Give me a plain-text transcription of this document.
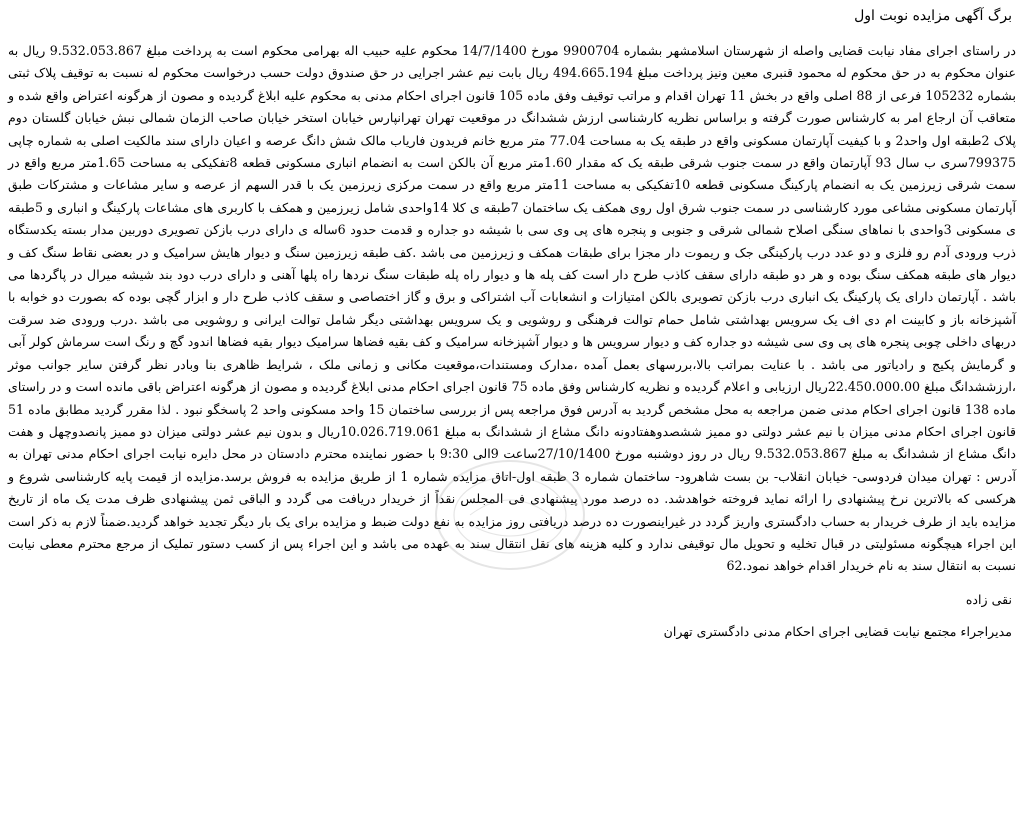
برگ آگهی مزایده نوبت اول

در راستای اجرای مفاد نیابت قضایی واصله از شهرستان اسلامشهر بشماره 9900704 مورخ 14/7/1400 محکوم علیه حبیب اله بهرامی محکوم است به پرداخت مبلغ 9.532.053.867 ریال به عنوان محکوم به در حق محکوم له محمود قنبری معین ونیز پرداخت مبلغ 494.665.194 ریال بابت نیم عشر اجرایی در حق صندوق دولت حسب درخواست محکوم له نسبت به توقیف پلاک ثبتی بشماره 105232 فرعی از 88 اصلی واقع در بخش 11 تهران اقدام و مراتب توقیف وفق ماده 105 قانون اجرای احکام مدنی به محکوم علیه ابلاغ گردیده و مصون از هرگونه اعتراض واقع شده و متعاقب آن ارجاع امر به کارشناس صورت گرفته و براساس نظریه کارشناسی ارزش ششدانگ در موقعیت تهران تهرانپارس خیابان استخر خیابان صاحب الزمان شمالی نبش خیابان گلستان دوم پلاک 2طبقه اول واحد2 و با کیفیت آپارتمان مسکونی واقع در طبقه یک به مساحت 77.04 متر مربع خانم فریدون فاریاب مالک شش دانگ عرصه و اعیان دارای سند مالکیت اصلی به شماره چاپی 799375سری ب سال 93 آپارتمان واقع در سمت جنوب شرقی طبقه یک که مقدار 1.60متر مربع آن بالکن است به انضمام انباری مسکونی قطعه 8تفکیکی به مساحت 1.65متر مربع واقع در سمت شرقی زیرزمین یک به انضمام پارکینگ مسکونی قطعه 10تفکیکی به مساحت 11متر مربع واقع در سمت مرکزی زیرزمین یک با قدر السهم از عرصه و سایر مشاعات و مشترکات طبق آپارتمان مسکونی مشاعی مورد کارشناسی در سمت جنوب شرق اول روی همکف یک ساختمان 7طبقه ی کلا 14واحدی شامل زیرزمین و همکف با کاربری های مشاعات پارکینگ و انباری و 5طبقه ی مسکونی 3واحدی با نماهای سنگی اصلاح شمالی شرقی و جنوبی و پنجره های پی وی سی با شیشه دو جداره و قدمت حدود 6ساله ی دارای درب بازکن تصویری دوربین مدار بسته یکدستگاه ذرب ورودی آدم رو فلزی و دو عدد درب پارکینگی جک و ریموت دار مجزا برای طبقات همکف و زیرزمین می باشد .کف طبقه زیرزمین سنگ و دیوار هایش سرامیک و در بعضی نقاط سنگ کف و دیوار های طبقه همکف سنگ بوده و هر دو طبقه دارای سقف کاذب طرح دار است کف پله ها و دیوار راه پله طبقات سنگ نردها راه پلها آهنی و دارای درب دود بند شیشه میرال در پاگردها می باشد . آپارتمان دارای یک پارکینگ یک انباری درب بازکن تصویری بالکن امتیازات و انشعابات آب اشتراکی و برق و گاز اختصاصی و سقف کاذب طرح دار و ابزار گچی بوده که بصورت دو خوابه با آشپزخانه باز و کابینت ام دی اف یک سرویس بهداشتی شامل حمام توالت فرهنگی و روشویی و یک سرویس بهداشتی دیگر شامل توالت ایرانی و روشویی می باشد .درب ورودی ضد سرقت دربهای داخلی چوبی پنجره های پی وی سی شیشه دو جداره کف و دیوار سرویس ها و دیوار آشپزخانه سرامیک و کف بقیه فضاها سرامیک دیوار بقیه فضاها اندود گچ و رنگ است سرماش کولر آبی و گرمایش پکیج و رادیاتور می باشد . با عنایت بمراتب بالا،بررسهای بعمل آمده ،مدارک ومستندات،موقعیت مکانی و زمانی ملک ، شرایط ظاهری بنا وبادر نظر گرفتن سایر جوانب موثر ،ارزششدانگ مبلغ 22.450.000.00ریال ارزیابی و اعلام گردیده و نظریه کارشناس وفق ماده 75 قانون اجرای احکام مدنی ابلاغ گردیده و مصون از هرگونه اعتراض باقی مانده است و در راستای ماده 138 قانون اجرای احکام مدنی ضمن مراجعه به محل مشخص گردید به آدرس فوق مراجعه پس از بررسی ساختمان 15 واحد مسکونی واحد 2 پاسخگو نبود . لذا مقرر گردید مطابق ماده 51 قانون اجرای احکام مدنی میزان با نیم عشر دولتی دو ممیز ششصدوهفتادونه دانگ مشاع از ششدانگ به مبلغ 10.026.719.061ریال و بدون نیم عشر دولتی میزان دو ممیز پانصدوچهل و هفت دانگ مشاع از ششدانگ به مبلغ 9.532.053.867 ریال در روز دوشنبه مورخ 27/10/1400ساعت 9الی 9:30 با حضور نماینده محترم دادستان در محل دایره نیابت اجرای احکام مدنی تهران به آدرس : تهران میدان فردوسی- خیابان انقلاب- بن بست شاهرود- ساختمان شماره 3 طبقه اول-اتاق مزایده شماره 1 از طریق مزایده به فروش برسد.مزایده از قیمت پایه کارشناسی شروع و هرکسی که بالاترین نرخ پیشنهادی را ارائه نماید فروخته خواهدشد. ده درصد مورد پیشنهادی فی المجلس نقداً از خریدار دریافت می گردد و الباقی ثمن پیشنهادی ظرف مدت یک ماه از تاریخ مزایده باید از طرف خریدار به حساب دادگستری واریز گردد در غیراینصورت ده درصد دریافتی روز مزایده به نفع دولت ضبط و مزایده برای یک بار دیگر تجدید خواهد گردید.ضمناً لازم به ذکر است این اجراء هیچگونه مسئولیتی در قبال تخلیه و تحویل مال توقیفی ندارد و کلیه هزینه های نقل انتقال سند به عهده می باشد و این اجراء پس از کسب دستور تملیک از مرجع محترم معطی نیابت نسبت به انتقال سند به نام خریدار اقدام خواهد نمود.62

نقی زاده
مدیراجراء مجتمع نیابت قضایی اجرای احکام مدنی دادگستری تهران
